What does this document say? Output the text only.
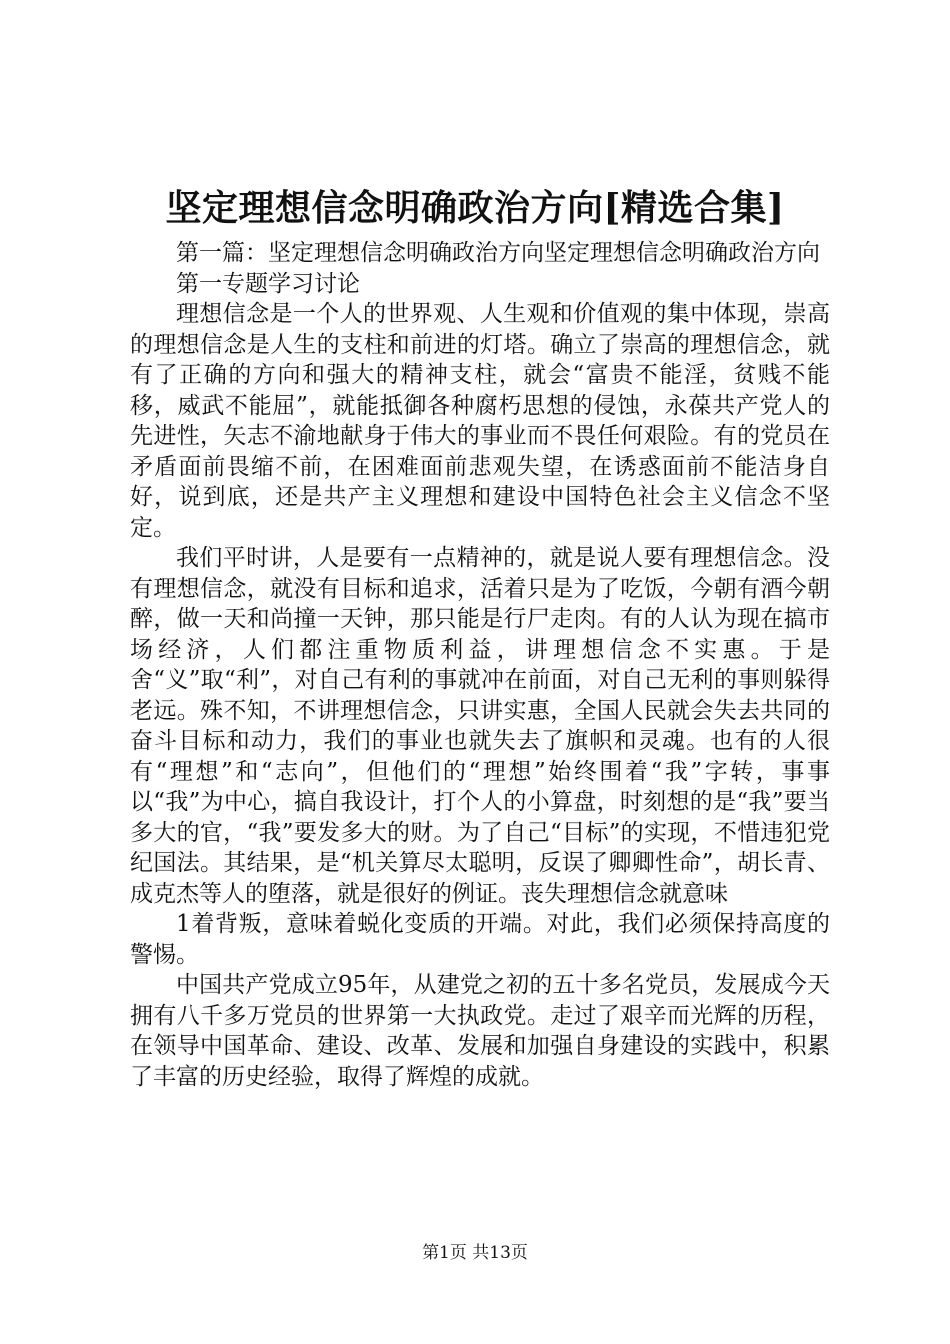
坚定理想信念明确政治方向[精选合集]

第一篇：坚定理想信念明确政治方向坚定理想信念明确政治方向

第一专题学习讨论

理想信念是一个人的世界观、人生观和价值观的集中体现，崇高的理想信念是人生的支柱和前进的灯塔。确立了崇高的理想信念，就有了正确的方向和强大的精神支柱，就会“富贵不能淫，贫贱不能移，威武不能屈”，就能抵御各种腐朽思想的侵蚀，永葆共产党人的先进性，矢志不渝地献身于伟大的事业而不畏任何艰险。有的党员在矛盾面前畏缩不前，在困难面前悲观失望，在诱惑面前不能洁身自好，说到底，还是共产主义理想和建设中国特色社会主义信念不坚定。

我们平时讲，人是要有一点精神的，就是说人要有理想信念。没有理想信念，就没有目标和追求，活着只是为了吃饭，今朝有酒今朝醉，做一天和尚撞一天钟，那只能是行尸走肉。有的人认为现在搞市场经济，人们都注重物质利益，讲理想信念不实惠。于是舍“义”取“利”，对自己有利的事就冲在前面，对自己无利的事则躲得老远。殊不知，不讲理想信念，只讲实惠，全国人民就会失去共同的奋斗目标和动力，我们的事业也就失去了旗帜和灵魂。也有的人很有“理想”和“志向”，但他们的“理想”始终围着“我”字转，事事以“我”为中心，搞自我设计，打个人的小算盘，时刻想的是“我”要当多大的官，“我”要发多大的财。为了自己“目标”的实现，不惜违犯党纪国法。其结果，是“机关算尽太聪明，反误了卿卿性命”，胡长青、成克杰等人的堕落，就是很好的例证。丧失理想信念就意味

1着背叛，意味着蜕化变质的开端。对此，我们必须保持高度的警惕。

中国共产党成立95年，从建党之初的五十多名党员，发展成今天拥有八千多万党员的世界第一大执政党。走过了艰辛而光辉的历程，在领导中国革命、建设、改革、发展和加强自身建设的实践中，积累了丰富的历史经验，取得了辉煌的成就。

第1页 共13页
